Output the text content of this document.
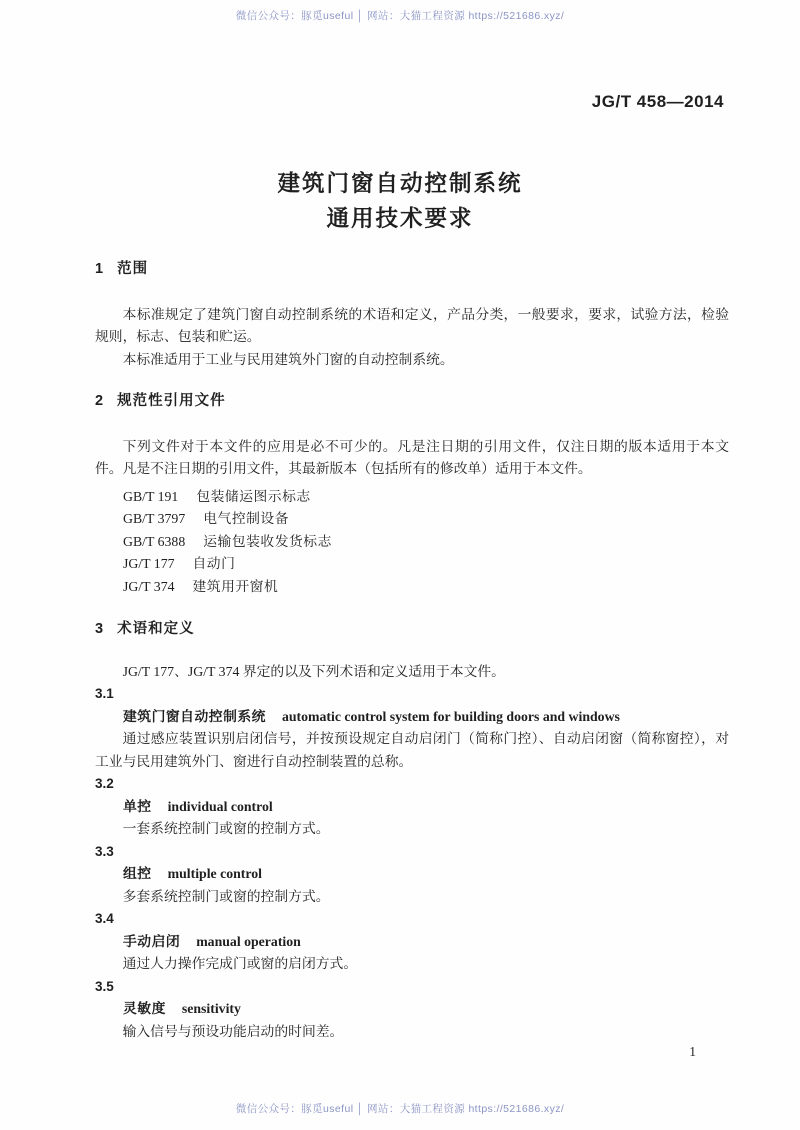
微信公众号：豚觅useful │ 网站：大猫工程资源 https://521686.xyz/
JG/T 458—2014
建筑门窗自动控制系统
通用技术要求
1 范围

本标准规定了建筑门窗自动控制系统的术语和定义，产品分类，一般要求，要求，试验方法，检验规则，标志、包装和贮运。

本标准适用于工业与民用建筑外门窗的自动控制系统。

2 规范性引用文件

下列文件对于本文件的应用是必不可少的。凡是注日期的引用文件，仅注日期的版本适用于本文件。凡是不注日期的引用文件，其最新版本（包括所有的修改单）适用于本文件。

GB/T 191 包装储运图示标志
GB/T 3797 电气控制设备
GB/T 6388 运输包装收发货标志
JG/T 177 自动门
JG/T 374 建筑用开窗机
3 术语和定义

JG/T 177、JG/T 374 界定的以及下列术语和定义适用于本文件。

3.1
建筑门窗自动控制系统 automatic control system for building doors and windows

通过感应装置识别启闭信号，并按预设规定自动启闭门（简称门控）、自动启闭窗（简称窗控），对工业与民用建筑外门、窗进行自动控制装置的总称。

3.2
单控 individual control

一套系统控制门或窗的控制方式。

3.3
组控 multiple control

多套系统控制门或窗的控制方式。

3.4
手动启闭 manual operation

通过人力操作完成门或窗的启闭方式。

3.5
灵敏度 sensitivity

输入信号与预设功能启动的时间差。

1
微信公众号：豚觅useful │ 网站：大猫工程资源 https://521686.xyz/
